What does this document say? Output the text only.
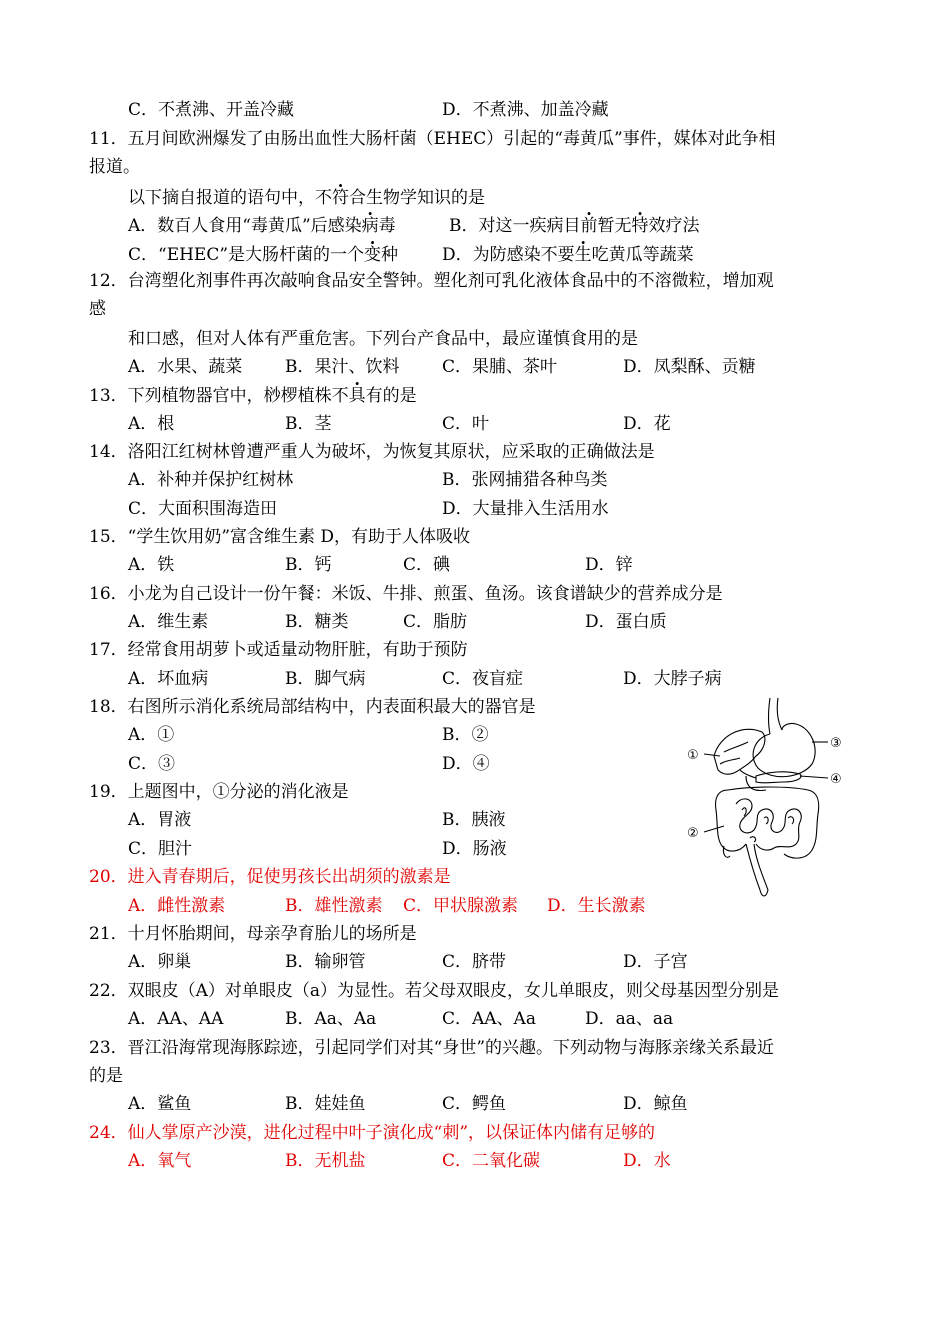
C．不煮沸、开盖冷藏	D．不煮沸、加盖冷藏
11．五月间欧洲爆发了由肠出血性大肠杆菌（EHEC）引起的“毒黄瓜”事件，媒体对此争相
报道。
以下摘自报道的语句中，不符合生物学知识的是
A．数百人食用“毒黄瓜”后感染病毒	B．对这一疾病目前暂无特效疗法
C．“EHEC”是大肠杆菌的一个变种	D．为防感染不要生吃黄瓜等蔬菜
12．台湾塑化剂事件再次敲响食品安全警钟。塑化剂可乳化液体食品中的不溶微粒，增加观
感
和口感，但对人体有严重危害。下列台产食品中，最应谨慎食用的是
A．水果、蔬菜	B．果汁、饮料	C．果脯、茶叶	D．凤梨酥、贡糖
13．下列植物器官中，桫椤植株不具有的是
A．根	B．茎	C．叶	D．花
14．洛阳江红树林曾遭严重人为破坏，为恢复其原状，应采取的正确做法是
A．补种并保护红树林	B．张网捕猎各种鸟类
C．大面积围海造田	D．大量排入生活用水
15．“学生饮用奶”富含维生素 D，有助于人体吸收
A．铁	B．钙	C．碘	D．锌
16．小龙为自己设计一份午餐：米饭、牛排、煎蛋、鱼汤。该食谱缺少的营养成分是
A．维生素	B．糖类	C．脂肪	D．蛋白质
17．经常食用胡萝卜或适量动物肝脏，有助于预防
A．坏血病	B．脚气病	C．夜盲症	D．大脖子病
18．右图所示消化系统局部结构中，内表面积最大的器官是
A．①	B．②
C．③	D．④
19．上题图中，①分泌的消化液是
A．胃液	B．胰液
C．胆汁	D．肠液
20．进入青春期后，促使男孩长出胡须的激素是
A．雌性激素	B．雄性激素 C．甲状腺激素 D．生长激素
21．十月怀胎期间，母亲孕育胎儿的场所是
A．卵巢	B．输卵管	C．脐带	D．子宫
22．双眼皮（A）对单眼皮（a）为显性。若父母双眼皮，女儿单眼皮，则父母基因型分别是
A．AA、AA	B．Aa、Aa	C．AA、Aa	D．aa、aa
23．晋江沿海常现海豚踪迹，引起同学们对其“身世”的兴趣。下列动物与海豚亲缘关系最近
的是
A．鲨鱼	B．娃娃鱼	C．鳄鱼	D．鲸鱼
24．仙人掌原产沙漠，进化过程中叶子演化成“刺”，以保证体内储有足够的
A．氧气	B．无机盐	C．二氧化碳	D．水
①
②
③
④
